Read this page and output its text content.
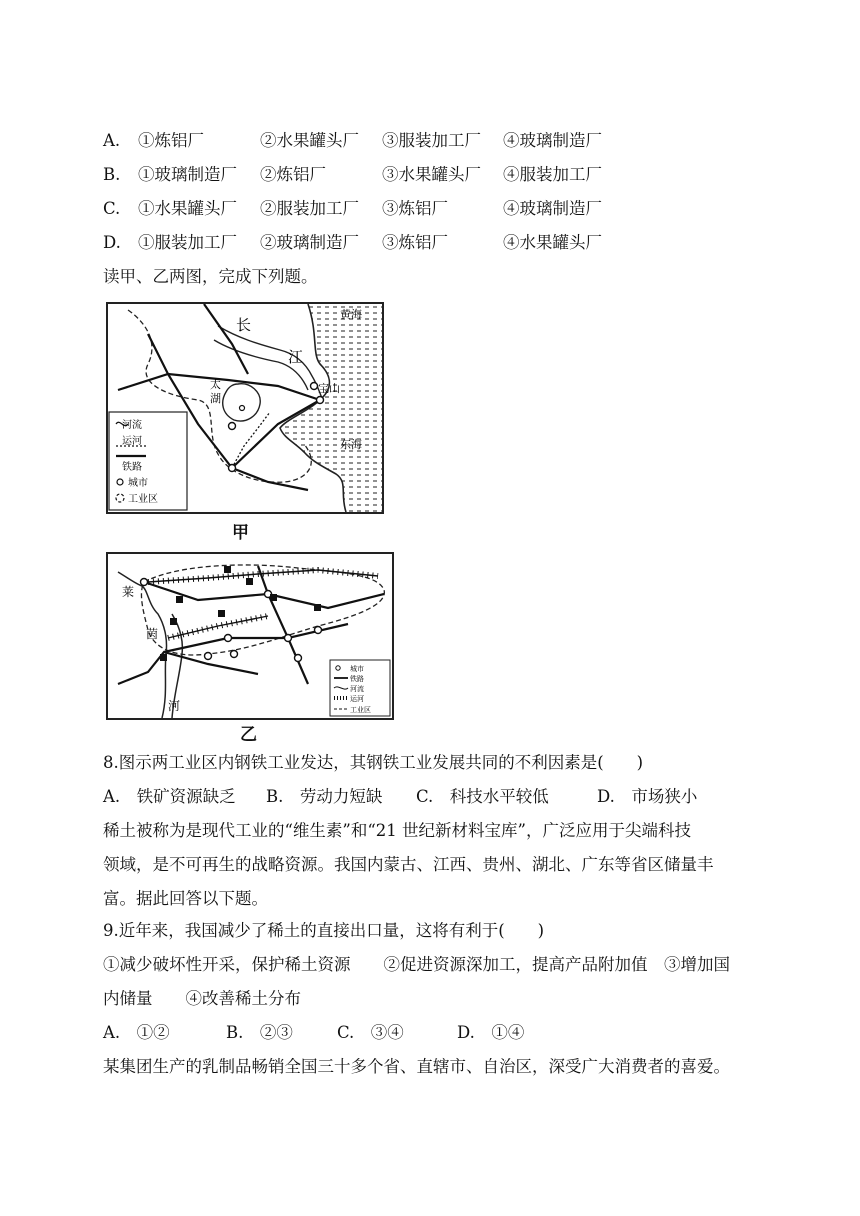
A. ①炼铝厂	②水果罐头厂 ③服装加工厂 ④玻璃制造厂
B. ①玻璃制造厂 ②炼铝厂	③水果罐头厂 ④服装加工厂
C. ①水果罐头厂 ②服装加工厂 ③炼铝厂	④玻璃制造厂
D. ①服装加工厂 ②玻璃制造厂 ③炼铝厂	④水果罐头厂
读甲、乙两图，完成下列题。
长
江
黄海
东海
宝山
太
湖
河流
运河
铁路
城市
工业区
甲
莱
茵
河
城市
铁路
河流
运河
工业区
乙
8.图示两工业区内钢铁工业发达，其钢铁工业发展共同的不利因素是(　　)
A.　铁矿资源缺乏 B.　劳动力短缺 C.　科技水平较低	D.　市场狭小
稀土被称为是现代工业的“维生素”和“21 世纪新材料宝库”，广泛应用于尖端科技
领域，是不可再生的战略资源。我国内蒙古、江西、贵州、湖北、广东等省区储量丰
富。据此回答以下题。
9.近年来，我国减少了稀土的直接出口量，这将有利于(　　)
①减少破坏性开采，保护稀土资源　　②促进资源深加工，提高产品附加值　③增加国
内储量　　④改善稀土分布
A.　①②	B.　②③	C.　③④	D.　①④
某集团生产的乳制品畅销全国三十多个省、直辖市、自治区，深受广大消费者的喜爱。
